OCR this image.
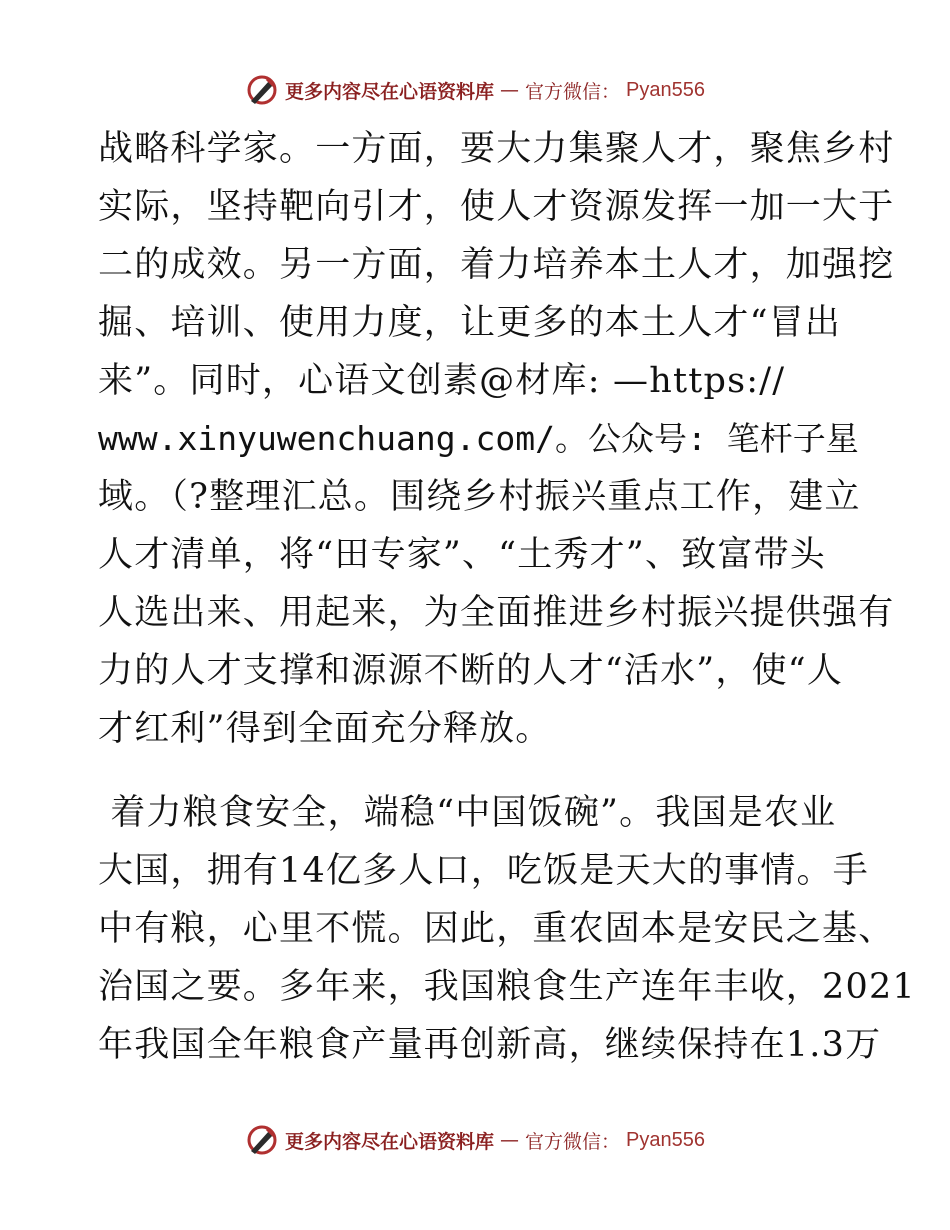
更多内容尽在心语资料库 — 官方微信： Pyan556
战略科学家。一方面，要大力集聚人才，聚焦乡村
实际，坚持靶向引才，使人才资源发挥一加一大于
二的成效。另一方面，着力培养本土人才，加强挖
掘、培训、使用力度，让更多的本土人才“冒出
来”。同时，心语文创素@材库: —https://
www.xinyuwenchuang.com/。公众号: 笔杆子星
域。（?整理汇总。围绕乡村振兴重点工作，建立
人才清单，将“田专家”、“土秀才”、致富带头
人选出来、用起来，为全面推进乡村振兴提供强有
力的人才支撑和源源不断的人才“活水”，使“人
才红利”得到全面充分释放。
着力粮食安全，端稳“中国饭碗”。我国是农业
大国，拥有14亿多人口，吃饭是天大的事情。手
中有粮，心里不慌。因此，重农固本是安民之基、
治国之要。多年来，我国粮食生产连年丰收，2021
年我国全年粮食产量再创新高，继续保持在1.3万
更多内容尽在心语资料库 — 官方微信： Pyan556
